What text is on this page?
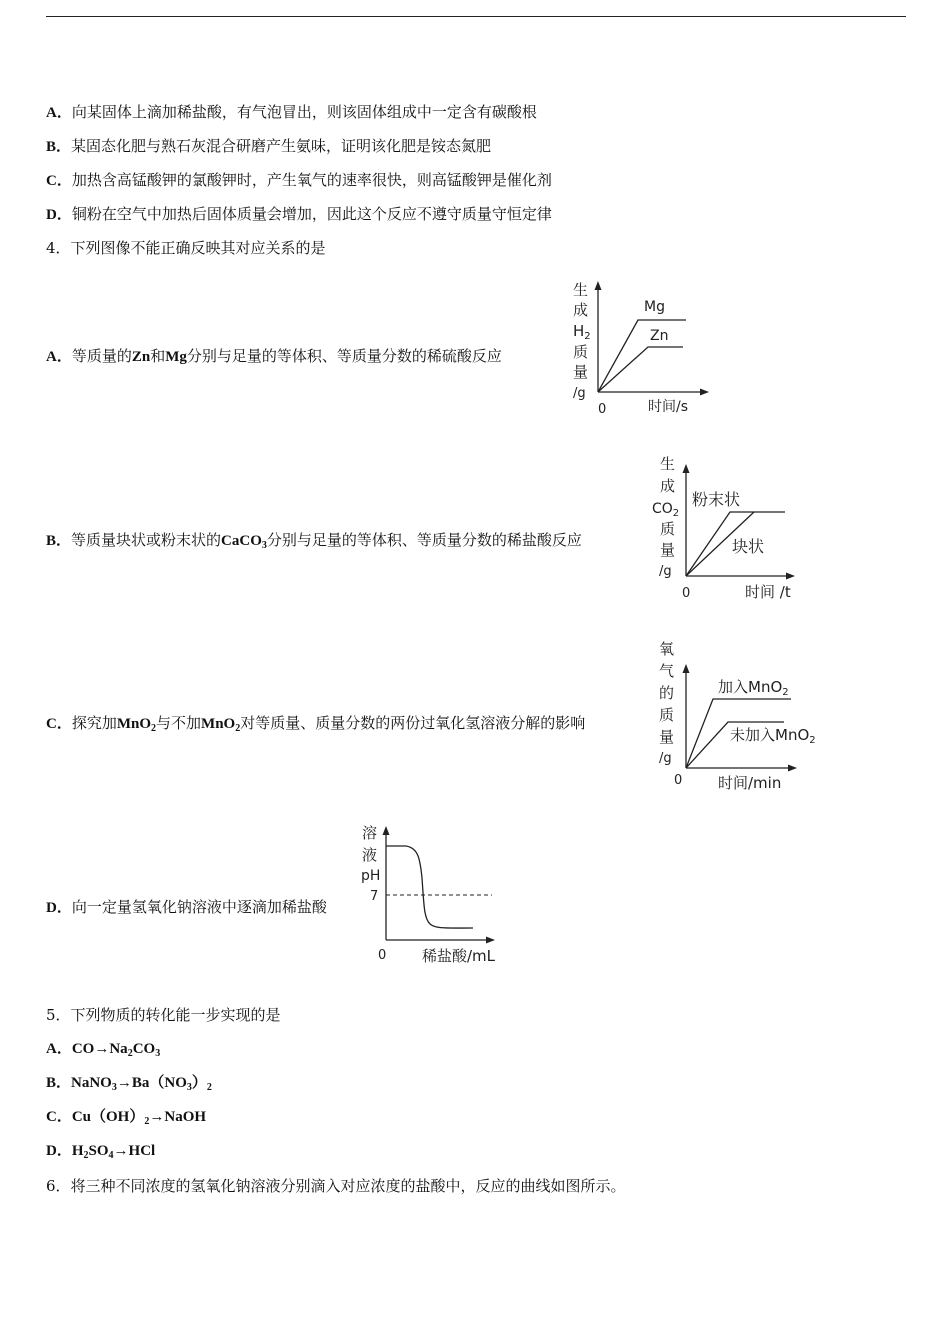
A．向某固体上滴加稀盐酸，有气泡冒出，则该固体组成中一定含有碳酸根
B．某固态化肥与熟石灰混合研磨产生氨味，证明该化肥是铵态氮肥
C．加热含高锰酸钾的氯酸钾时，产生氧气的速率很快，则高锰酸钾是催化剂
D．铜粉在空气中加热后固体质量会增加，因此这个反应不遵守质量守恒定律
4．下列图像不能正确反映其对应关系的是
A．等质量的Zn和Mg分别与足量的等体积、等质量分数的稀硫酸反应
生
成
$H_2$
质
量
/g
0	时间/s
Mg
Zn
B．等质量块状或粉末状的CaCO$_3$分别与足量的等体积、等质量分数的稀盐酸反应
生
成
$CO_2$
质
量
/g
0	时间 /t
粉末状
块状
C．探究加MnO$_2$与不加MnO$_2$对等质量、质量分数的两份过氧化氢溶液分解的影响
氧
气
的
质
量
/g
0 时间/min
加入MnO$_2$
未加入MnO$_2$
D．向一定量氢氧化钠溶液中逐滴加稀盐酸
溶
液
pH
7
0 稀盐酸/mL
5．下列物质的转化能一步实现的是
A．$CO\to Na_2CO_3$
B．$NaNO_3\to Ba(NO_3)_2$
C．$Cu(OH)_2\to NaOH$
D．$H_2SO_4\to HCl$
6．将三种不同浓度的氢氧化钠溶液分别滴入对应浓度的盐酸中，反应的曲线如图所示。
